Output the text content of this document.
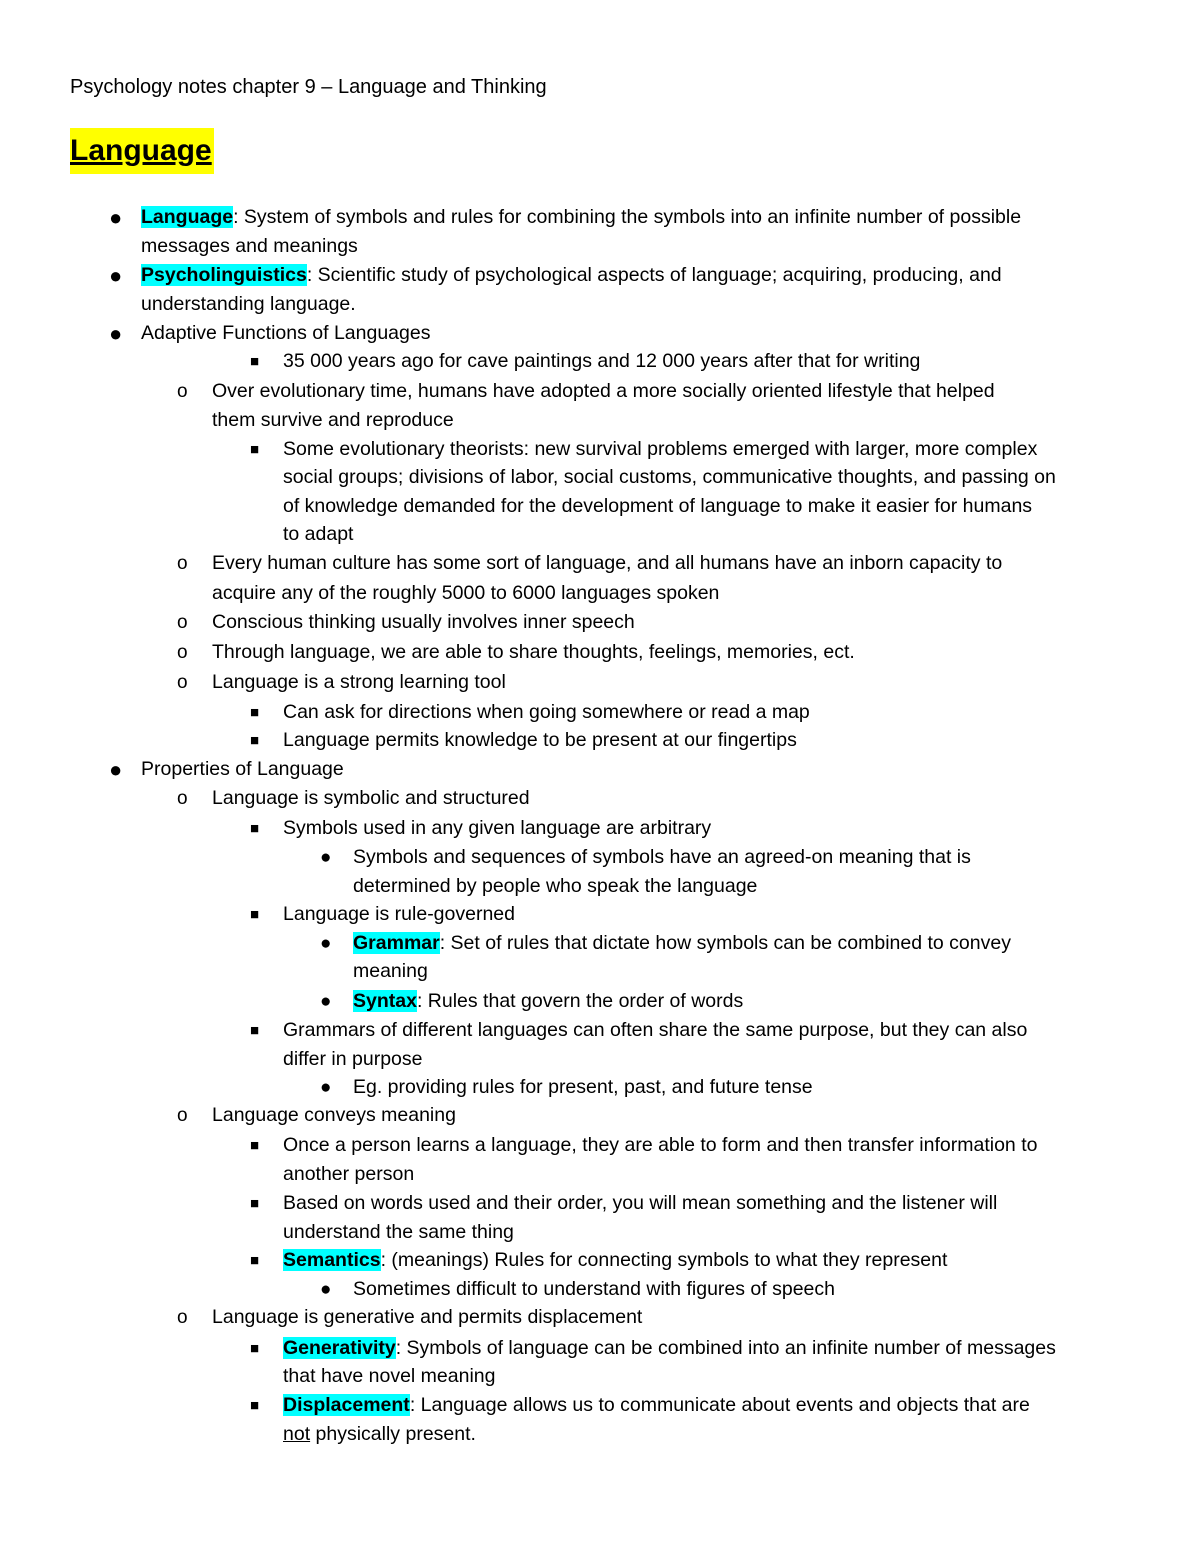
Psychology notes chapter 9 – Language and Thinking
Language
● Language: System of symbols and rules for combining the symbols into an infinite number of possible
messages and meanings
● Psycholinguistics: Scientific study of psychological aspects of language; acquiring, producing, and
understanding language.
● Adaptive Functions of Languages
■ 35 000 years ago for cave paintings and 12 000 years after that for writing
o Over evolutionary time, humans have adopted a more socially oriented lifestyle that helped
them survive and reproduce
■ Some evolutionary theorists: new survival problems emerged with larger, more complex
social groups; divisions of labor, social customs, communicative thoughts, and passing on
of knowledge demanded for the development of language to make it easier for humans
to adapt
o Every human culture has some sort of language, and all humans have an inborn capacity to
acquire any of the roughly 5000 to 6000 languages spoken
o Conscious thinking usually involves inner speech
o Through language, we are able to share thoughts, feelings, memories, ect.
o Language is a strong learning tool
■ Can ask for directions when going somewhere or read a map
■ Language permits knowledge to be present at our fingertips
● Properties of Language
o Language is symbolic and structured
■ Symbols used in any given language are arbitrary
● Symbols and sequences of symbols have an agreed-on meaning that is
determined by people who speak the language
■ Language is rule-governed
● Grammar: Set of rules that dictate how symbols can be combined to convey
meaning
● Syntax: Rules that govern the order of words
■ Grammars of different languages can often share the same purpose, but they can also
differ in purpose
● Eg. providing rules for present, past, and future tense
o Language conveys meaning
■ Once a person learns a language, they are able to form and then transfer information to
another person
■ Based on words used and their order, you will mean something and the listener will
understand the same thing
■ Semantics: (meanings) Rules for connecting symbols to what they represent
● Sometimes difficult to understand with figures of speech
o Language is generative and permits displacement
■ Generativity: Symbols of language can be combined into an infinite number of messages
that have novel meaning
■ Displacement: Language allows us to communicate about events and objects that are
not physically present.
